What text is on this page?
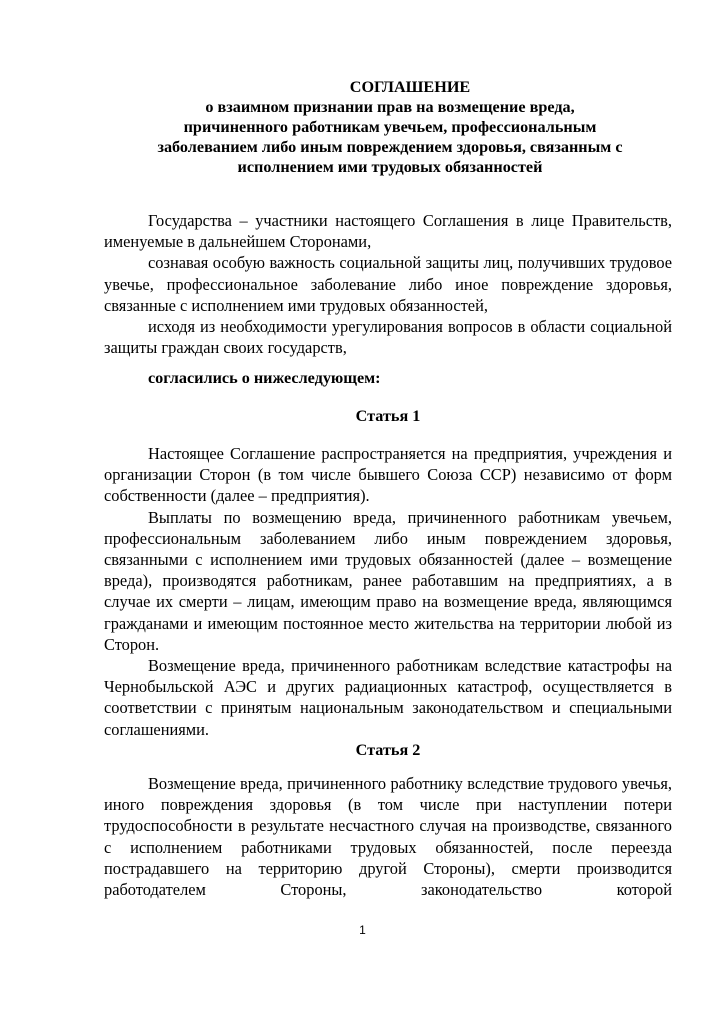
СОГЛАШЕНИЕ
о взаимном признании прав на возмещение вреда,
причиненного работникам увечьем, профессиональным
заболеванием либо иным повреждением здоровья, связанным с
исполнением ими трудовых обязанностей

Государства – участники настоящего Соглашения в лице Правительств, именуемые в дальнейшем Сторонами,

сознавая особую важность социальной защиты лиц, получивших трудовое увечье, профессиональное заболевание либо иное повреждение здоровья, связанные с исполнением ими трудовых обязанностей,

исходя из необходимости урегулирования вопросов в области социальной защиты граждан своих государств,

согласились о нижеследующем:
Статья 1

Настоящее Соглашение распространяется на предприятия, учреждения и организации Сторон (в том числе бывшего Союза ССР) независимо от форм собственности (далее – предприятия).

Выплаты по возмещению вреда, причиненного работникам увечьем, профессиональным заболеванием либо иным повреждением здоровья, связанными с исполнением ими трудовых обязанностей (далее – возмещение вреда), производятся работникам, ранее работавшим на предприятиях, а в случае их смерти – лицам, имеющим право на возмещение вреда, являющимся гражданами и имеющим постоянное место жительства на территории любой из Сторон.

Возмещение вреда, причиненного работникам вследствие катастрофы на Чернобыльской АЭС и других радиационных катастроф, осуществляется в соответствии с принятым национальным законодательством и специальными соглашениями.

Статья 2

Возмещение вреда, причиненного работнику вследствие трудового увечья, иного повреждения здоровья (в том числе при наступлении потери трудоспособности в результате несчастного случая на производстве, связанного с исполнением работниками трудовых обязанностей, после переезда пострадавшего на территорию другой Стороны), смерти производится работодателем Стороны, законодательство которой

1
